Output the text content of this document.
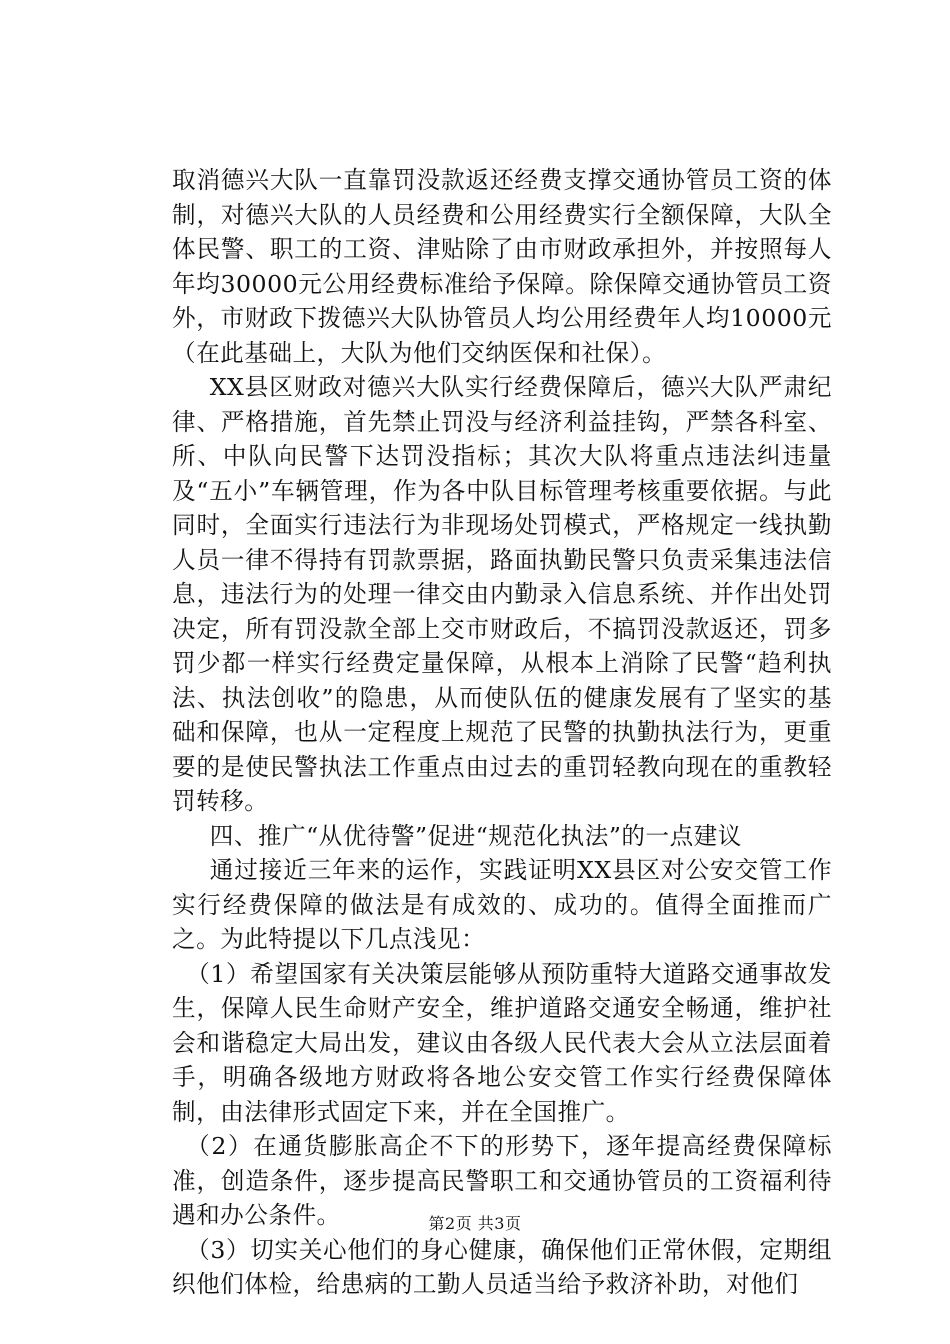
取消德兴大队一直靠罚没款返还经费支撑交通协管员工资的体制，对德兴大队的人员经费和公用经费实行全额保障，大队全体民警、职工的工资、津贴除了由市财政承担外，并按照每人年均30000元公用经费标准给予保障。除保障交通协管员工资外，市财政下拨德兴大队协管员人均公用经费年人均10000元（在此基础上，大队为他们交纳医保和社保）。

XX县区财政对德兴大队实行经费保障后，德兴大队严肃纪律、严格措施，首先禁止罚没与经济利益挂钩，严禁各科室、所、中队向民警下达罚没指标；其次大队将重点违法纠违量及“五小”车辆管理，作为各中队目标管理考核重要依据。与此同时，全面实行违法行为非现场处罚模式，严格规定一线执勤人员一律不得持有罚款票据，路面执勤民警只负责采集违法信息，违法行为的处理一律交由内勤录入信息系统、并作出处罚决定，所有罚没款全部上交市财政后，不搞罚没款返还，罚多罚少都一样实行经费定量保障，从根本上消除了民警“趋利执法、执法创收”的隐患，从而使队伍的健康发展有了坚实的基础和保障，也从一定程度上规范了民警的执勤执法行为，更重要的是使民警执法工作重点由过去的重罚轻教向现在的重教轻罚转移。

四、推广“从优待警”促进“规范化执法”的一点建议

通过接近三年来的运作，实践证明XX县区对公安交管工作实行经费保障的做法是有成效的、成功的。值得全面推而广之。为此特提以下几点浅见：

（1）希望国家有关决策层能够从预防重特大道路交通事故发生，保障人民生命财产安全，维护道路交通安全畅通，维护社会和谐稳定大局出发，建议由各级人民代表大会从立法层面着手，明确各级地方财政将各地公安交管工作实行经费保障体制，由法律形式固定下来，并在全国推广。

（2）在通货膨胀高企不下的形势下，逐年提高经费保障标准，创造条件，逐步提高民警职工和交通协管员的工资福利待遇和办公条件。

（3）切实关心他们的身心健康，确保他们正常休假，定期组织他们体检，给患病的工勤人员适当给予救济补助，对他们

第2页 共3页
